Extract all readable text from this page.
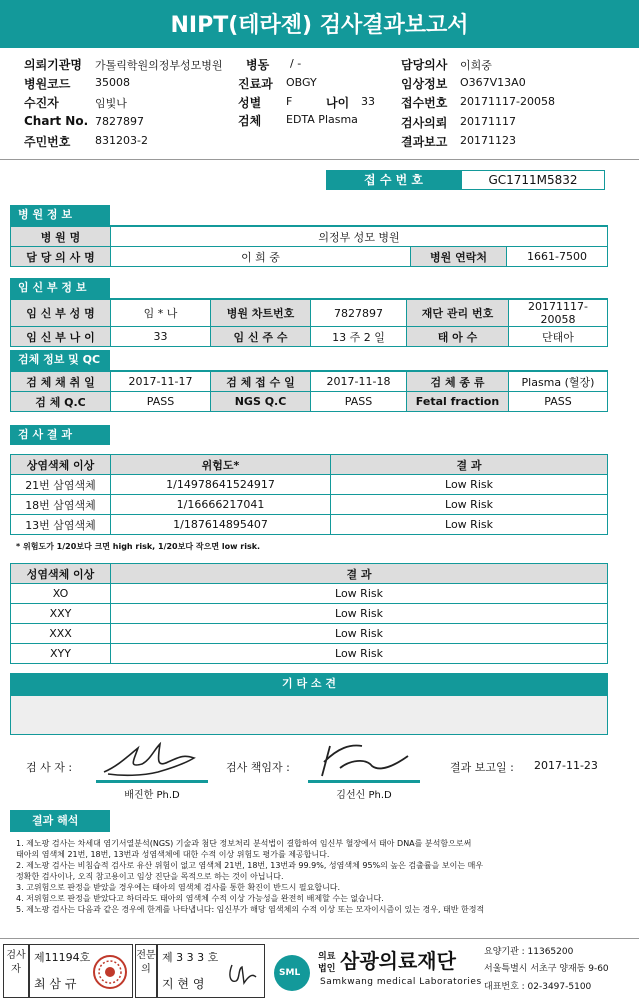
NIPT(테라젠) 검사결과보고서
의뢰기관명 가톨릭학원의정부성모병원 병동 / -	담당의사 이희중
병원코드 35008	진료과 OBGY	임상정보 O367V13A0
수진자	임빛나	성별 F	나이 33 접수번호 20171117-20058
Chart No. 7827897	검체 EDTA Plasma	검사의뢰 20171117
주민번호 831203-2	결과보고 20171123
접 수 번 호	GC1711M5832
병 원 정 보
병 원 명	의정부 성모 병원		
담 당 의 사 명	이 희 중	병원 연락처	1661-7500
임 신 부 정 보
임 신 부 성 명	임 * 나	병원 차트번호	7827897	재단 관리 번호	20171117-20058
임 신 부 나 이	33	임 신 주 수	13 주 2 일	태 아 수	단태아
검체 정보 및 QC
검 체 채 취 일	2017-11-17	검 체 접 수 일	2017-11-18	검 체 종 류	Plasma (혈장)
검 체 Q.C	PASS	NGS Q.C	PASS	Fetal fraction	PASS
검 사 결 과
상염색체 이상	위험도*	결 과
21번 삼염색체	1/14978641524917	Low Risk
18번 삼염색체	1/16666217041	Low Risk
13번 삼염색체	1/187614895407	Low Risk
* 위험도가 1/20보다 크면 high risk, 1/20보다 작으면 low risk.
성염색체 이상	결 과
XO	Low Risk
XXY	Low Risk
XXX	Low Risk
XYY	Low Risk
기 타 소 견
검 사 자 :
배진한 Ph.D
검사 책임자 :
김선신 Ph.D
결과 보고일 : 2017-11-23
결과 해석
1. 제노팡 검사는 차세대 염기서열분석(NGS) 기술과 첨단 정보처리 분석법이 결합하여 임신부 혈장에서 태아 DNA를 분석함으로써
태아의 염색체 21번, 18번, 13번과 성염색체에 대한 수적 이상 위험도 평가를 제공합니다.
2. 제노팡 검사는 비침습적 검사로 유산 위험이 없고 염색체 21번, 18번, 13번과 99.9%, 성염색체 95%의 높은 검출률을 보이는 매우
정확한 검사이나, 오직 참고용이고 임상 진단을 목적으로 하는 것이 아닙니다.
3. 고위험으로 판정을 받았을 경우에는 태아의 염색체 검사를 통한 확진이 반드시 필요합니다.
4. 저위험으로 판정을 받았다고 하더라도 태아의 염색체 수적 이상 가능성을 완전히 배제할 수는 없습니다.
5. 제노팡 검사는 다음과 같은 경우에 한계를 나타냅니다: 임신부가 해당 염색체의 수적 이상 또는 모자이시즘이 있는 경우, 태반 한정적
검사자
제11194호
최 삼 규
전문의
제 3 3 3 호
지 현 영
SML
의료
법인 삼광의료재단
Samkwang medical Laboratories
요양기관 : 11365200
서울특별시 서초구 양재동 9-60
대표번호 : 02-3497-5100
